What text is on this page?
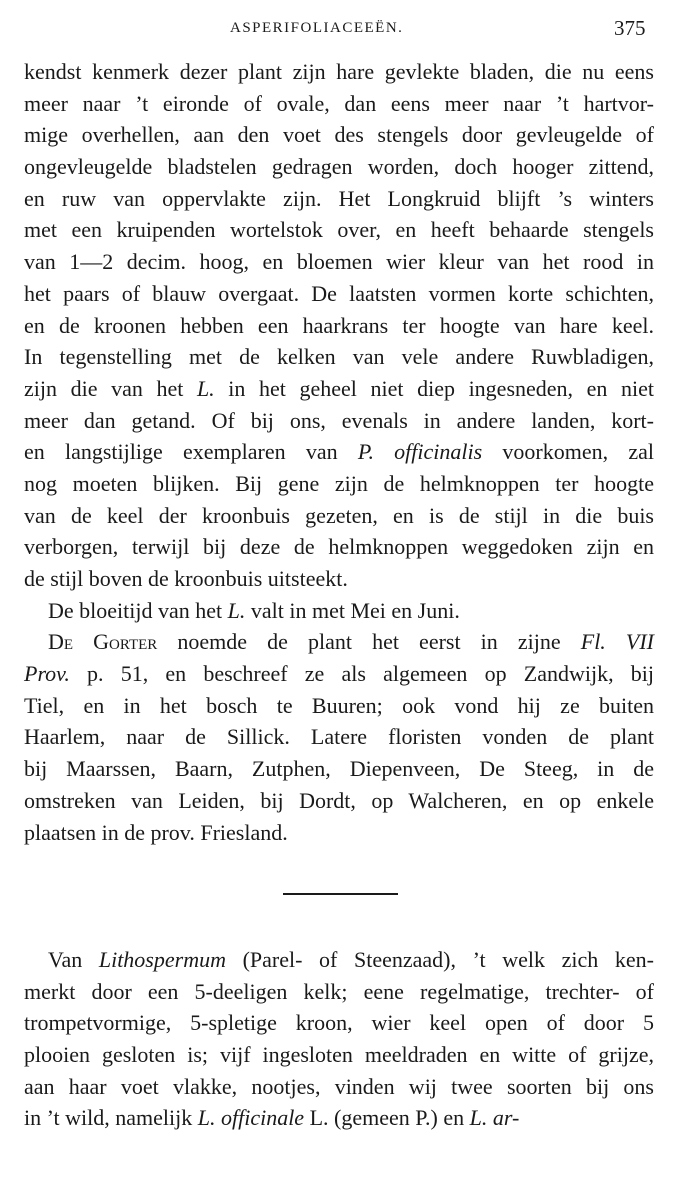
ASPERIFOLIACEEËN.	375
kendst kenmerk dezer plant zijn hare gevlekte bladen, die nu eens
meer naar ’t eironde of ovale, dan eens meer naar ’t hartvor-
mige overhellen, aan den voet des stengels door gevleugelde of
ongevleugelde bladstelen gedragen worden, doch hooger zittend,
en ruw van oppervlakte zijn. Het Longkruid blijft ’s winters
met een kruipenden wortelstok over, en heeft behaarde stengels
van 1—2 decim. hoog, en bloemen wier kleur van het rood in
het paars of blauw overgaat. De laatsten vormen korte schichten,
en de kroonen hebben een haarkrans ter hoogte van hare keel.
In tegenstelling met de kelken van vele andere Ruwbladigen,
zijn die van het L. in het geheel niet diep ingesneden, en niet
meer dan getand. Of bij ons, evenals in andere landen, kort-
en langstijlige exemplaren van P. officinalis voorkomen, zal
nog moeten blijken. Bij gene zijn de helmknoppen ter hoogte
van de keel der kroonbuis gezeten, en is de stijl in die buis
verborgen, terwijl bij deze de helmknoppen weggedoken zijn en
de stijl boven de kroonbuis uitsteekt.
De bloeitijd van het L. valt in met Mei en Juni.
De Gorter noemde de plant het eerst in zijne Fl. VII
Prov. p. 51, en beschreef ze als algemeen op Zandwijk, bij
Tiel, en in het bosch te Buuren; ook vond hij ze buiten
Haarlem, naar de Sillick. Latere floristen vonden de plant
bij Maarssen, Baarn, Zutphen, Diepenveen, De Steeg, in de
omstreken van Leiden, bij Dordt, op Walcheren, en op enkele
plaatsen in de prov. Friesland.
Van Lithospermum (Parel- of Steenzaad), ’t welk zich ken-
merkt door een 5-deeligen kelk; eene regelmatige, trechter- of
trompetvormige, 5-spletige kroon, wier keel open of door 5
plooien gesloten is; vijf ingesloten meeldraden en witte of grijze,
aan haar voet vlakke, nootjes, vinden wij twee soorten bij ons
in ’t wild, namelijk L. officinale L. (gemeen P.) en L. ar-
